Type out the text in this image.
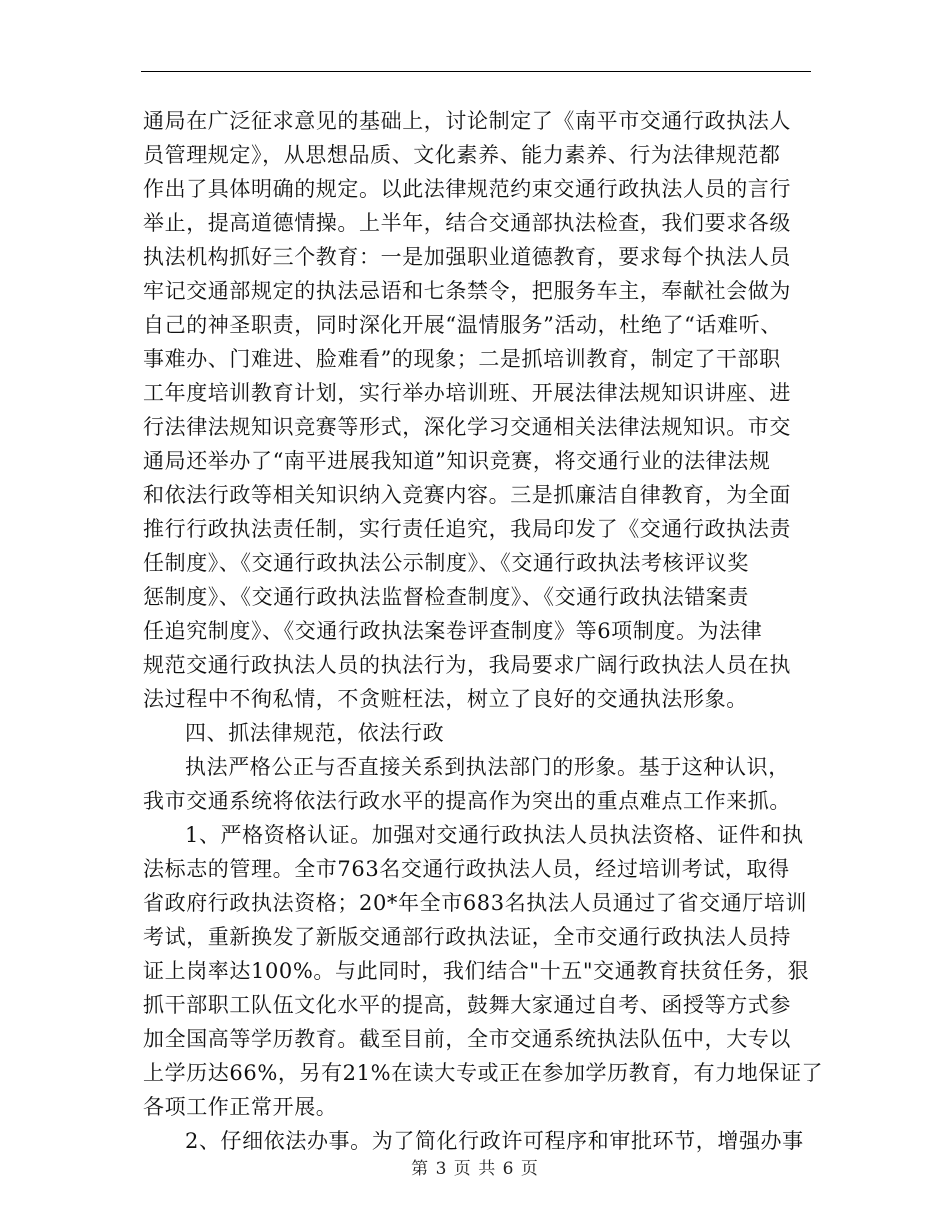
通局在广泛征求意见的基础上，讨论制定了《南平市交通行政执法人
员管理规定》，从思想品质、文化素养、能力素养、行为法律规范都
作出了具体明确的规定。以此法律规范约束交通行政执法人员的言行
举止，提高道德情操。上半年，结合交通部执法检查，我们要求各级
执法机构抓好三个教育：一是加强职业道德教育，要求每个执法人员
牢记交通部规定的执法忌语和七条禁令，把服务车主，奉献社会做为
自己的神圣职责，同时深化开展“温情服务”活动，杜绝了“话难听、
事难办、门难进、脸难看”的现象；二是抓培训教育，制定了干部职
工年度培训教育计划，实行举办培训班、开展法律法规知识讲座、进
行法律法规知识竞赛等形式，深化学习交通相关法律法规知识。市交
通局还举办了“南平进展我知道”知识竞赛，将交通行业的法律法规
和依法行政等相关知识纳入竞赛内容。三是抓廉洁自律教育，为全面
推行行政执法责任制，实行责任追究，我局印发了《交通行政执法责
任制度》、《交通行政执法公示制度》、《交通行政执法考核评议奖
惩制度》、《交通行政执法监督检查制度》、《交通行政执法错案责
任追究制度》、《交通行政执法案卷评查制度》等6项制度。为法律
规范交通行政执法人员的执法行为，我局要求广阔行政执法人员在执
法过程中不徇私情，不贪赃枉法，树立了良好的交通执法形象。
四、抓法律规范，依法行政
执法严格公正与否直接关系到执法部门的形象。基于这种认识，
我市交通系统将依法行政水平的提高作为突出的重点难点工作来抓。
1、严格资格认证。加强对交通行政执法人员执法资格、证件和执
法标志的管理。全市763名交通行政执法人员，经过培训考试，取得
省政府行政执法资格；20*年全市683名执法人员通过了省交通厅培训
考试，重新换发了新版交通部行政执法证，全市交通行政执法人员持
证上岗率达100%。与此同时，我们结合"十五"交通教育扶贫任务，狠
抓干部职工队伍文化水平的提高，鼓舞大家通过自考、函授等方式参
加全国高等学历教育。截至目前，全市交通系统执法队伍中，大专以
上学历达66%，另有21%在读大专或正在参加学历教育，有力地保证了
各项工作正常开展。
2、仔细依法办事。为了简化行政许可程序和审批环节，增强办事
第 3 页 共 6 页
